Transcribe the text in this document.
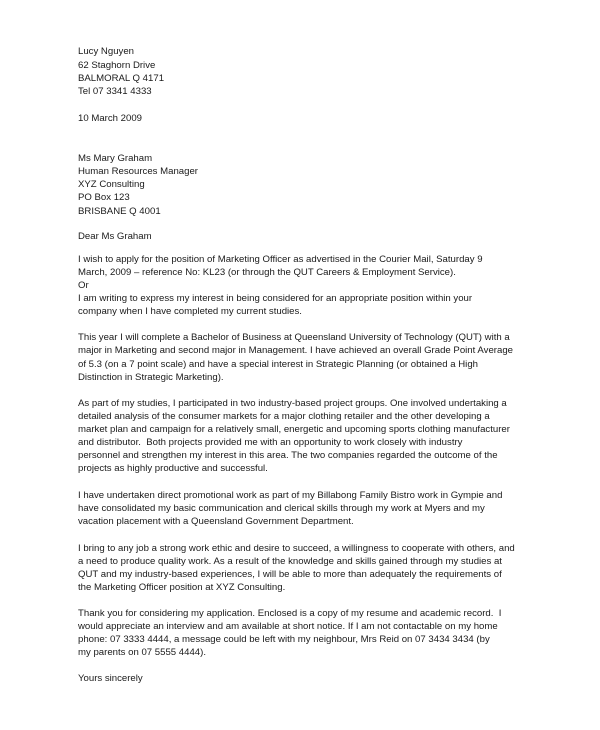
Lucy Nguyen
62 Staghorn Drive
BALMORAL Q 4171
Tel 07 3341 4333
10 March 2009
Ms Mary Graham
Human Resources Manager
XYZ Consulting
PO Box 123
BRISBANE Q 4001
Dear Ms Graham
I wish to apply for the position of Marketing Officer as advertised in the Courier Mail, Saturday 9
March, 2009 – reference No: KL23 (or through the QUT Careers & Employment Service).
Or
I am writing to express my interest in being considered for an appropriate position within your
company when I have completed my current studies.
This year I will complete a Bachelor of Business at Queensland University of Technology (QUT) with a
major in Marketing and second major in Management. I have achieved an overall Grade Point Average
of 5.3 (on a 7 point scale) and have a special interest in Strategic Planning (or obtained a High
Distinction in Strategic Marketing).
As part of my studies, I participated in two industry-based project groups. One involved undertaking a
detailed analysis of the consumer markets for a major clothing retailer and the other developing a
market plan and campaign for a relatively small, energetic and upcoming sports clothing manufacturer
and distributor.  Both projects provided me with an opportunity to work closely with industry
personnel and strengthen my interest in this area. The two companies regarded the outcome of the
projects as highly productive and successful.
I have undertaken direct promotional work as part of my Billabong Family Bistro work in Gympie and
have consolidated my basic communication and clerical skills through my work at Myers and my
vacation placement with a Queensland Government Department.
I bring to any job a strong work ethic and desire to succeed, a willingness to cooperate with others, and
a need to produce quality work. As a result of the knowledge and skills gained through my studies at
QUT and my industry-based experiences, I will be able to more than adequately the requirements of
the Marketing Officer position at XYZ Consulting.
Thank you for considering my application. Enclosed is a copy of my resume and academic record.  I
would appreciate an interview and am available at short notice. If I am not contactable on my home
phone: 07 3333 4444, a message could be left with my neighbour, Mrs Reid on 07 3434 3434 (by
my parents on 07 5555 4444).
Yours sincerely
